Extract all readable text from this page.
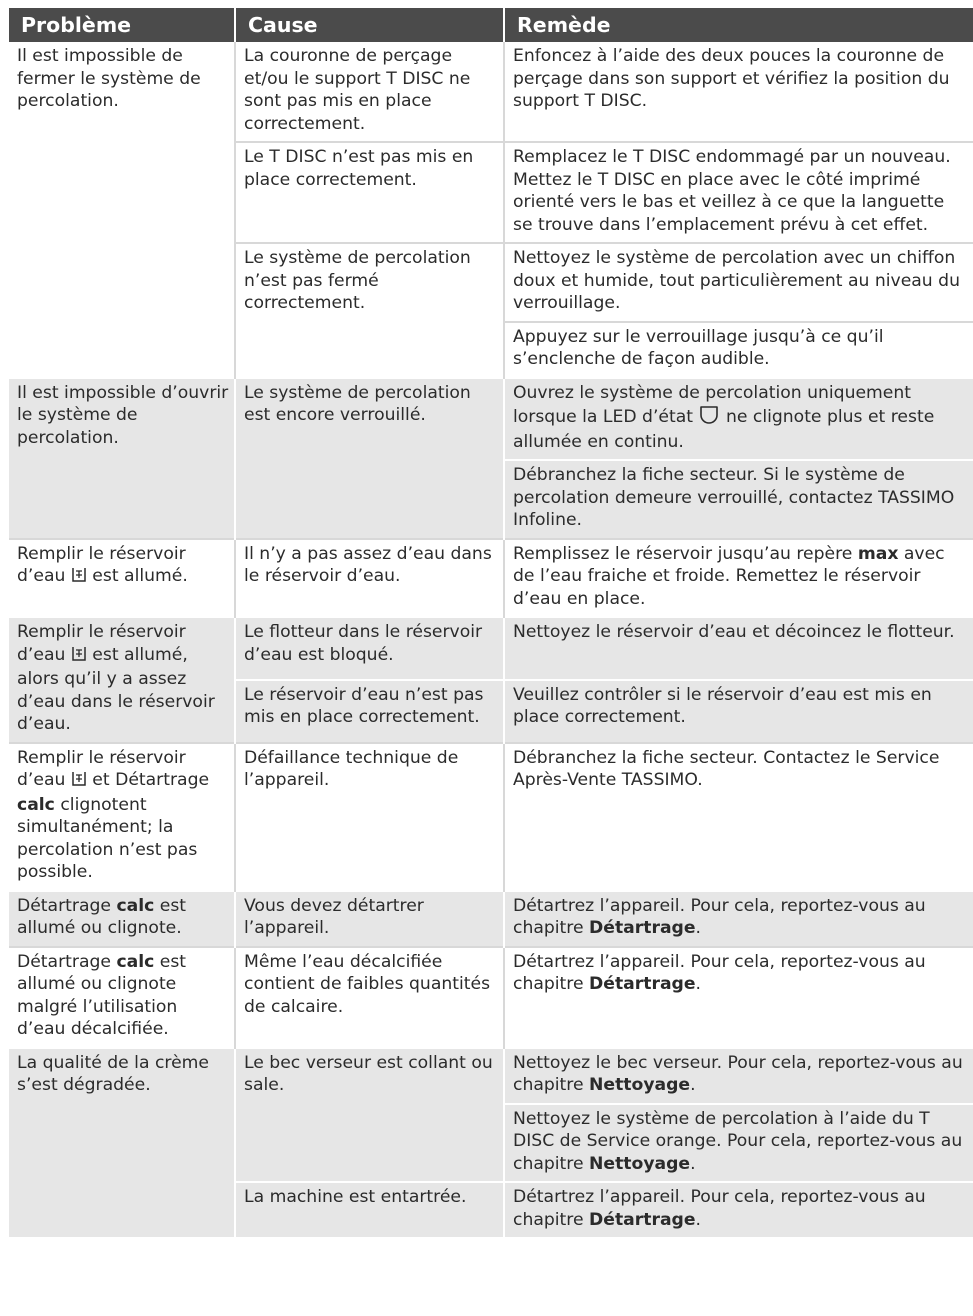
Problème	Cause	Remède
Il est impossible de fermer le système de percolation.	La couronne de perçage et/ou le support T DISC ne sont pas mis en place correctement.	Enfoncez à l’aide des deux pouces la couronne de perçage dans son support et vérifiez la position du support T DISC.
	Le T DISC n’est pas mis en place correctement.	Remplacez le T DISC endommagé par un nouveau. Mettez le T DISC en place avec le côté imprimé orienté vers le bas et veillez à ce que la languette se trouve dans l’emplacement prévu à cet effet.
	Le système de percolation n’est pas fermé correctement.	Nettoyez le système de percolation avec un chiffon doux et humide, tout particulièrement au niveau du verrouillage.
		Appuyez sur le verrouillage jusqu’à ce qu’il s’enclenche de façon audible.
Il est impossible d’ouvrir le système de percolation.	Le système de percolation est encore verrouillé.	Ouvrez le système de percolation uniquement lorsque la LED d’état  ne clignote plus et reste allumée en continu.
		Débranchez la fiche secteur. Si le système de percolation demeure verrouillé, contactez TASSIMO Infoline.
Remplir le réservoir d’eau  est allumé.	Il n’y a pas assez d’eau dans le réservoir d’eau.	Remplissez le réservoir jusqu’au repère max avec de l’eau fraiche et froide. Remettez le réservoir d’eau en place.
Remplir le réservoir d’eau  est allumé, alors qu’il y a assez d’eau dans le réservoir d’eau.	Le flotteur dans le réservoir d’eau est bloqué.	Nettoyez le réservoir d’eau et décoincez le flotteur.
	Le réservoir d’eau n’est pas mis en place correctement.	Veuillez contrôler si le réservoir d’eau est mis en place correctement.
Remplir le réservoir d’eau  et Détartrage calc clignotent simultanément; la percolation n’est pas possible.	Défaillance technique de l’appareil.	Débranchez la fiche secteur. Contactez le Service Après-Vente TASSIMO.
Détartrage calc est allumé ou clignote.	Vous devez détartrer l’appareil.	Détartrez l’appareil. Pour cela, reportez-vous au chapitre Détartrage.
Détartrage calc est allumé ou clignote malgré l’utilisation d’eau décalcifiée.	Même l’eau décalcifiée contient de faibles quantités de calcaire.	Détartrez l’appareil. Pour cela, reportez-vous au chapitre Détartrage.
La qualité de la crème s’est dégradée.	Le bec verseur est collant ou sale.	Nettoyez le bec verseur. Pour cela, reportez-vous au chapitre Nettoyage.
		Nettoyez le système de percolation à l’aide du T DISC de Service orange. Pour cela, reportez-vous au chapitre Nettoyage.
	La machine est entartrée.	Détartrez l’appareil. Pour cela, reportez-vous au chapitre Détartrage.
